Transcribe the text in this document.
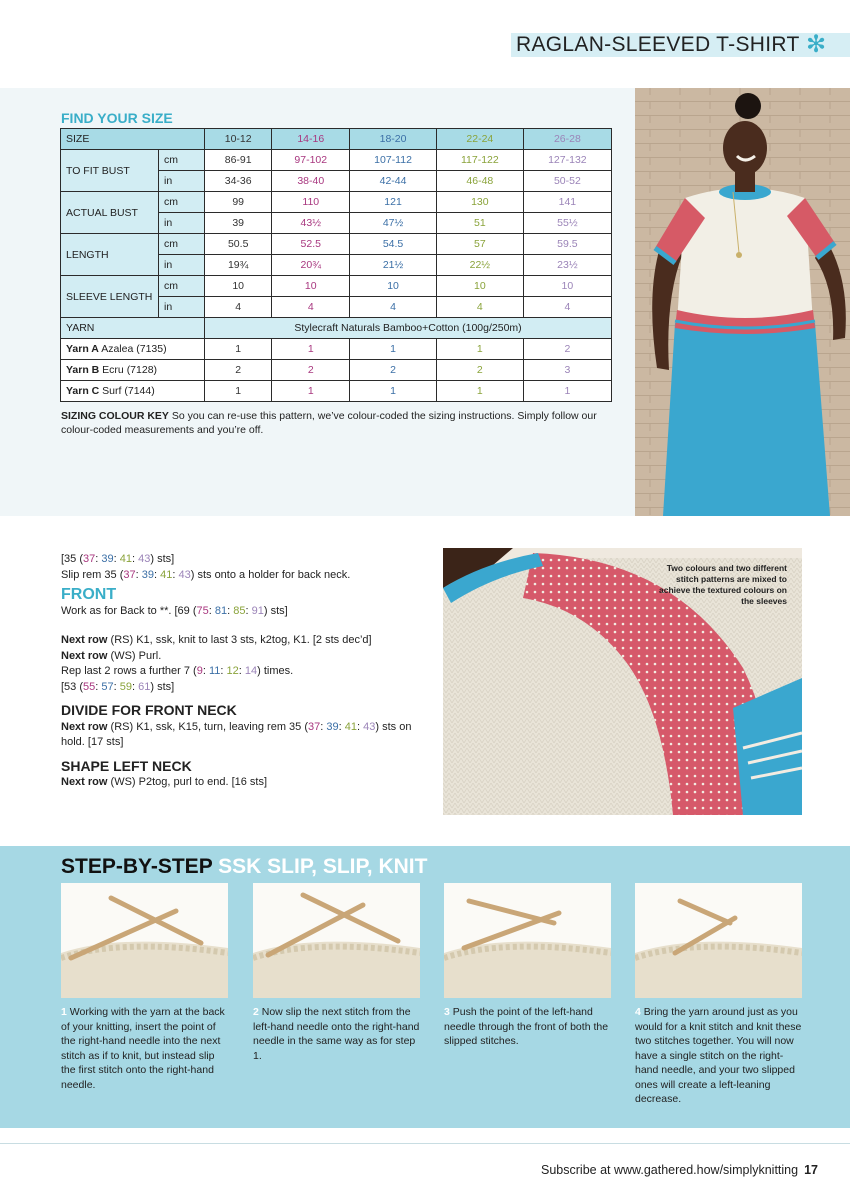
RAGLAN-SLEEVED T-SHIRT ✻
FIND YOUR SIZE
SIZE		10-12	14-16	18-20	22-24	26-28
TO FIT BUST	cm	86-91	97-102	107-112	117-122	127-132
	in	34-36	38-40	42-44	46-48	50-52
ACTUAL BUST	cm	99	110	121	130	141
	in	39	43½	47½	51	55½
LENGTH	cm	50.5	52.5	54.5	57	59.5
	in	19¾	20¾	21½	22½	23½
SLEEVE LENGTH	cm	10	10	10	10	10
	in	4	4	4	4	4
YARN		Stylecraft Naturals Bamboo+Cotton (100g/250m)				
Yarn A Azalea (7135)		1	1	1	1	2
Yarn B Ecru (7128)		2	2	2	2	3
Yarn C Surf (7144)		1	1	1	1	1
SIZING COLOUR KEY So you can re-use this pattern, we’ve colour-coded the sizing instructions. Simply follow our colour-coded measurements and you’re off.

[35 (37: 39: 41: 43) sts]

Slip rem 35 (37: 39: 41: 43) sts onto a holder for back neck.

FRONT

Work as for Back to **. [69 (75: 81: 85: 91) sts]

Next row (RS) K1, ssk, knit to last 3 sts, k2tog, K1. [2 sts dec’d]

Next row (WS) Purl.

Rep last 2 rows a further 7 (9: 11: 12: 14) times.

[53 (55: 57: 59: 61) sts]

DIVIDE FOR FRONT NECK

Next row (RS) K1, ssk, K15, turn, leaving rem 35 (37: 39: 41: 43) sts on hold. [17 sts]

SHAPE LEFT NECK

Next row (WS) P2tog, purl to end. [16 sts]

Two colours and two different stitch patterns are mixed to achieve the textured colours on the sleeves
STEP-BY-STEP SSK SLIP, SLIP, KNIT
1 Working with the yarn at the back of your knitting, insert the point of the right-hand needle into the next stitch as if to knit, but instead slip the first stitch onto the right-hand needle.
2 Now slip the next stitch from the left-hand needle onto the right-hand needle in the same way as for step 1.
3 Push the point of the left-hand needle through the front of both the slipped stitches.
4 Bring the yarn around just as you would for a knit stitch and knit these two stitches together. You will now have a single stitch on the right-hand needle, and your two slipped ones will create a left-leaning decrease.
Subscribe at www.gathered.how/simplyknitting 17
